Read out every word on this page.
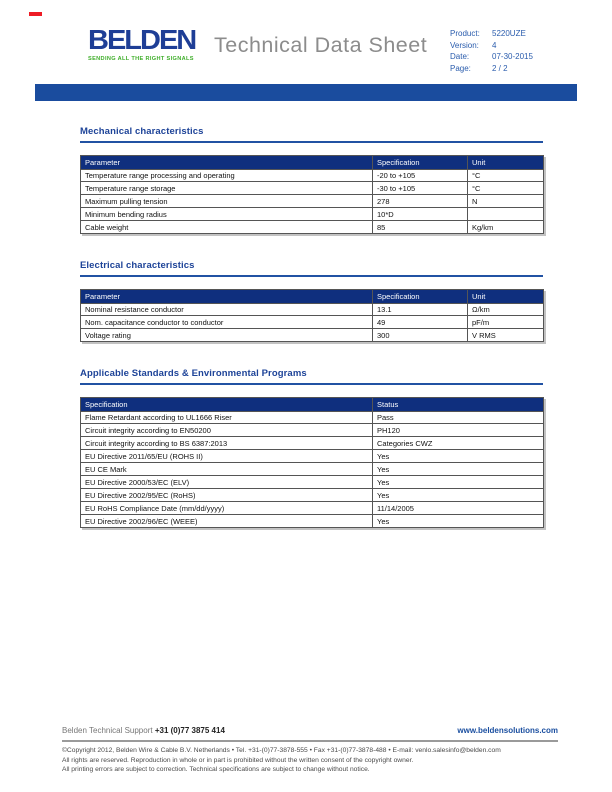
BELDEN
SENDING ALL THE RIGHT SIGNALS
Technical Data Sheet	Product:	5220UZE
Version:	4
Date:	07-30-2015
Page:	2 / 2
Mechanical characteristics
Parameter	Specification	Unit
Temperature range processing and operating	-20 to +105	°C
Temperature range storage	-30 to +105	°C
Maximum pulling tension	278	N
Minimum bending radius	10*D	
Cable weight	85	Kg/km
Electrical characteristics
Parameter	Specification	Unit
Nominal resistance conductor	13.1	Ω/km
Nom. capacitance conductor to conductor	49	pF/m
Voltage rating	300	V RMS
Applicable Standards & Environmental Programs
Specification	Status
Flame Retardant according to UL1666 Riser	Pass
Circuit integrity according to EN50200	PH120
Circuit integrity according to BS 6387:2013	Categories CWZ
EU Directive 2011/65/EU (ROHS II)	Yes
EU CE Mark	Yes
EU Directive 2000/53/EC (ELV)	Yes
EU Directive 2002/95/EC (RoHS)	Yes
EU RoHS Compliance Date (mm/dd/yyyy)	11/14/2005
EU Directive 2002/96/EC (WEEE)	Yes
Belden Technical Support +31 (0)77 3875 414	www.beldensolutions.com
©Copyright 2012, Belden Wire & Cable B.V. Netherlands • Tel. +31-(0)77-3878-555 • Fax +31-(0)77-3878-488 • E-mail: venlo.salesinfo@belden.com
All rights are reserved. Reproduction in whole or in part is prohibited without the written consent of the copyright owner.
All printing errors are subject to correction. Technical specifications are subject to change without notice.
